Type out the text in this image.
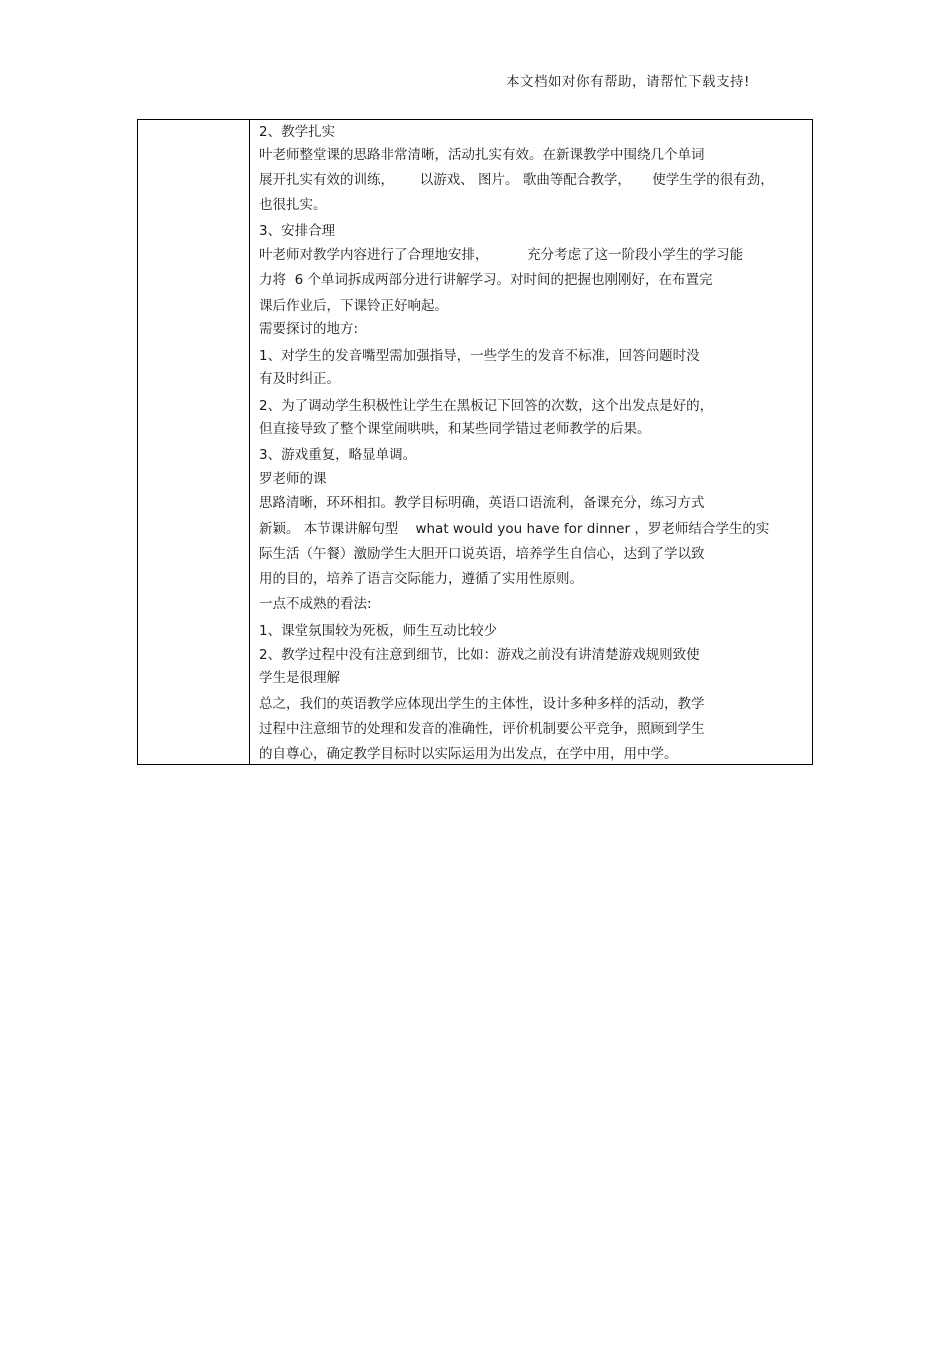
本文档如对你有帮助，请帮忙下载支持!
2、教学扎实
叶老师整堂课的思路非常清晰，活动扎实有效。在新课教学中围绕几个单词
展开扎实有效的训练，      以游戏、 图片。 歌曲等配合教学，     使学生学的很有劲，
也很扎实。
3、安排合理
叶老师对教学内容进行了合理地安排，         充分考虑了这一阶段小学生的学习能
力将  6 个单词拆成两部分进行讲解学习。对时间的把握也刚刚好，在布置完
课后作业后，下课铃正好响起。
需要探讨的地方:
1、对学生的发音嘴型需加强指导，一些学生的发音不标准，回答问题时没
有及时纠正。
2、为了调动学生积极性让学生在黑板记下回答的次数，这个出发点是好的，
但直接导致了整个课堂闹哄哄，和某些同学错过老师教学的后果。
3、游戏重复，略显单调。
罗老师的课
思路清晰，环环相扣。教学目标明确，英语口语流利，备课充分，练习方式
新颖。 本节课讲解句型    what would you have for dinner ，罗老师结合学生的实
际生活（午餐）激励学生大胆开口说英语，培养学生自信心，达到了学以致
用的目的，培养了语言交际能力，遵循了实用性原则。
一点不成熟的看法:
1、课堂氛围较为死板，师生互动比较少
2、教学过程中没有注意到细节，比如：游戏之前没有讲清楚游戏规则致使
学生是很理解
总之，我们的英语教学应体现出学生的主体性，设计多种多样的活动，教学
过程中注意细节的处理和发音的准确性，评价机制要公平竞争，照顾到学生
的自尊心，确定教学目标时以实际运用为出发点，在学中用，用中学。
